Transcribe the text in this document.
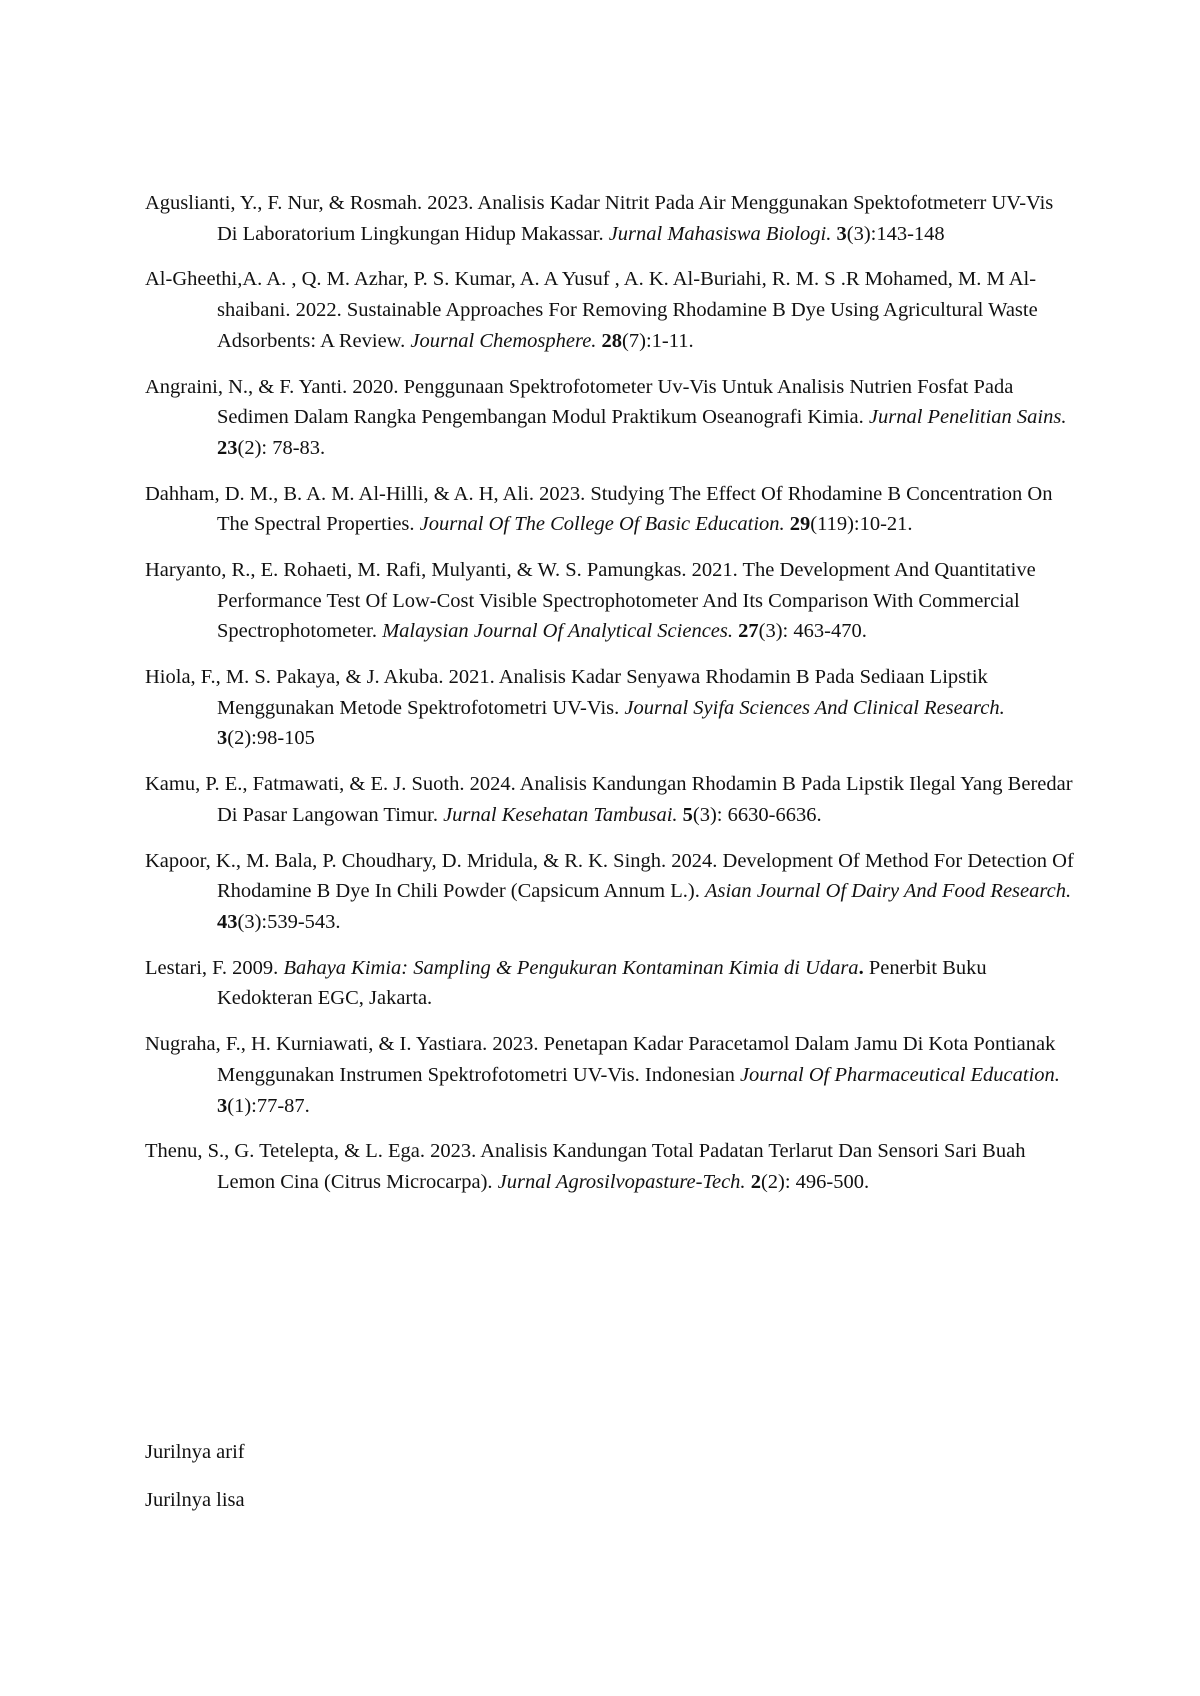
Aguslianti, Y., F. Nur, & Rosmah. 2023. Analisis Kadar Nitrit Pada Air Menggunakan Spektofotmeterr UV-Vis Di Laboratorium Lingkungan Hidup Makassar. Jurnal Mahasiswa Biologi. 3(3):143-148

Al-Gheethi,A. A. , Q. M. Azhar, P. S. Kumar, A. A Yusuf , A. K. Al-Buriahi, R. M. S .R Mohamed, M. M Al-shaibani. 2022. Sustainable Approaches For Removing Rhodamine B Dye Using Agricultural Waste Adsorbents: A Review. Journal Chemosphere. 28(7):1-11.

Angraini, N., & F. Yanti. 2020. Penggunaan Spektrofotometer Uv-Vis Untuk Analisis Nutrien Fosfat Pada Sedimen Dalam Rangka Pengembangan Modul Praktikum Oseanografi Kimia. Jurnal Penelitian Sains. 23(2): 78-83.

Dahham, D. M., B. A. M. Al-Hilli, & A. H, Ali. 2023. Studying The Effect Of Rhodamine B Concentration On The Spectral Properties. Journal Of The College Of Basic Education. 29(119):10-21.

Haryanto, R., E. Rohaeti, M. Rafi, Mulyanti, & W. S. Pamungkas. 2021. The Development And Quantitative Performance Test Of Low-Cost Visible Spectrophotometer And Its Comparison With Commercial Spectrophotometer. Malaysian Journal Of Analytical Sciences. 27(3): 463-470.

Hiola, F., M. S. Pakaya, & J. Akuba. 2021. Analisis Kadar Senyawa Rhodamin B Pada Sediaan Lipstik Menggunakan Metode Spektrofotometri UV-Vis. Journal Syifa Sciences And Clinical Research. 3(2):98-105

Kamu, P. E., Fatmawati, & E. J. Suoth. 2024. Analisis Kandungan Rhodamin B Pada Lipstik Ilegal Yang Beredar Di Pasar Langowan Timur. Jurnal Kesehatan Tambusai. 5(3): 6630-6636.

Kapoor, K., M. Bala, P. Choudhary, D. Mridula, & R. K. Singh. 2024. Development Of Method For Detection Of Rhodamine B Dye In Chili Powder (Capsicum Annum L.). Asian Journal Of Dairy And Food Research. 43(3):539-543.

Lestari, F. 2009. Bahaya Kimia: Sampling & Pengukuran Kontaminan Kimia di Udara. Penerbit Buku Kedokteran EGC, Jakarta.

Nugraha, F., H. Kurniawati, & I. Yastiara. 2023. Penetapan Kadar Paracetamol Dalam Jamu Di Kota Pontianak Menggunakan Instrumen Spektrofotometri UV-Vis. Indonesian Journal Of Pharmaceutical Education. 3(1):77-87.

Thenu, S., G. Tetelepta, & L. Ega. 2023. Analisis Kandungan Total Padatan Terlarut Dan Sensori Sari Buah Lemon Cina (Citrus Microcarpa). Jurnal Agrosilvopasture-Tech. 2(2): 496-500.

Jurilnya arif
Jurilnya lisa
